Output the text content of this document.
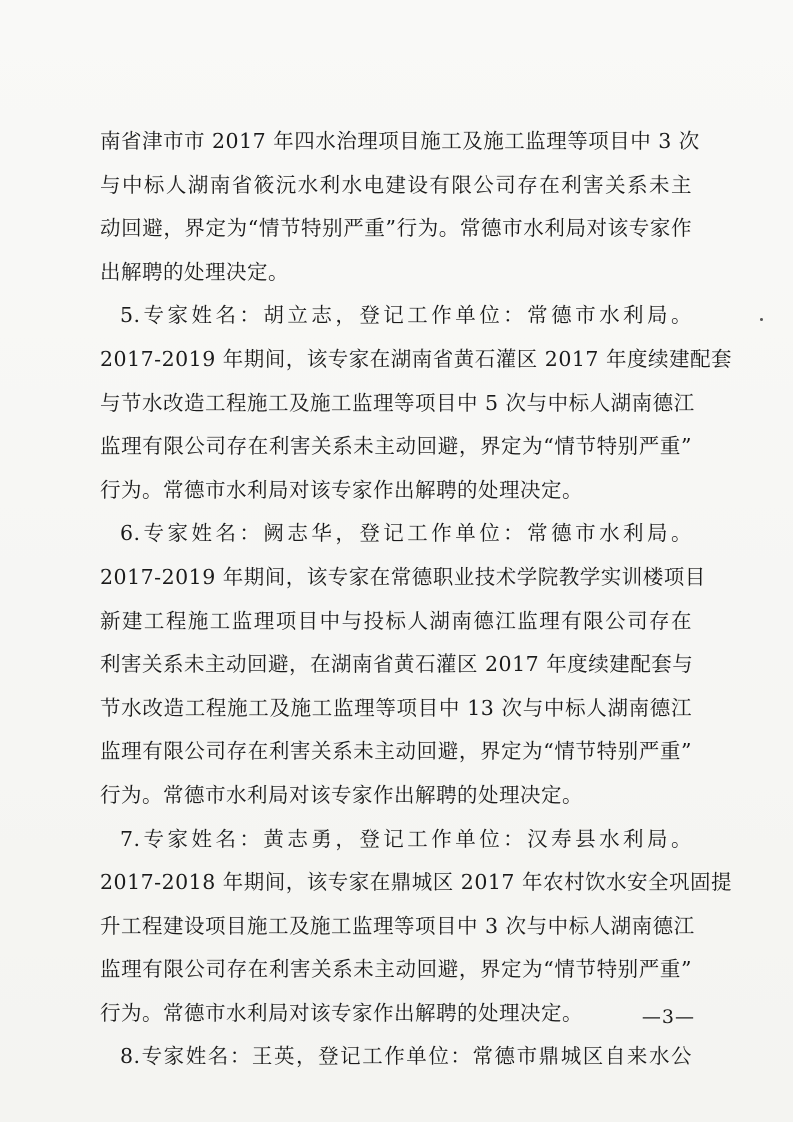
南省津市市 2017 年四水治理项目施工及施工监理等项目中 3 次
与中标人湖南省筱沅水利水电建设有限公司存在利害关系未主
动回避，界定为“情节特别严重”行为。常德市水利局对该专家作
出解聘的处理决定。
5.专家姓名：胡立志，登记工作单位：常德市水利局。
2017-2019 年期间，该专家在湖南省黄石灌区 2017 年度续建配套
与节水改造工程施工及施工监理等项目中 5 次与中标人湖南德江
监理有限公司存在利害关系未主动回避，界定为“情节特别严重”
行为。常德市水利局对该专家作出解聘的处理决定。
6.专家姓名：阙志华，登记工作单位：常德市水利局。
2017-2019 年期间，该专家在常德职业技术学院教学实训楼项目
新建工程施工监理项目中与投标人湖南德江监理有限公司存在
利害关系未主动回避，在湖南省黄石灌区 2017 年度续建配套与
节水改造工程施工及施工监理等项目中 13 次与中标人湖南德江
监理有限公司存在利害关系未主动回避，界定为“情节特别严重”
行为。常德市水利局对该专家作出解聘的处理决定。
7.专家姓名：黄志勇，登记工作单位：汉寿县水利局。
2017-2018 年期间，该专家在鼎城区 2017 年农村饮水安全巩固提
升工程建设项目施工及施工监理等项目中 3 次与中标人湖南德江
监理有限公司存在利害关系未主动回避，界定为“情节特别严重”
行为。常德市水利局对该专家作出解聘的处理决定。
8.专家姓名：王英，登记工作单位：常德市鼎城区自来水公
—3—
